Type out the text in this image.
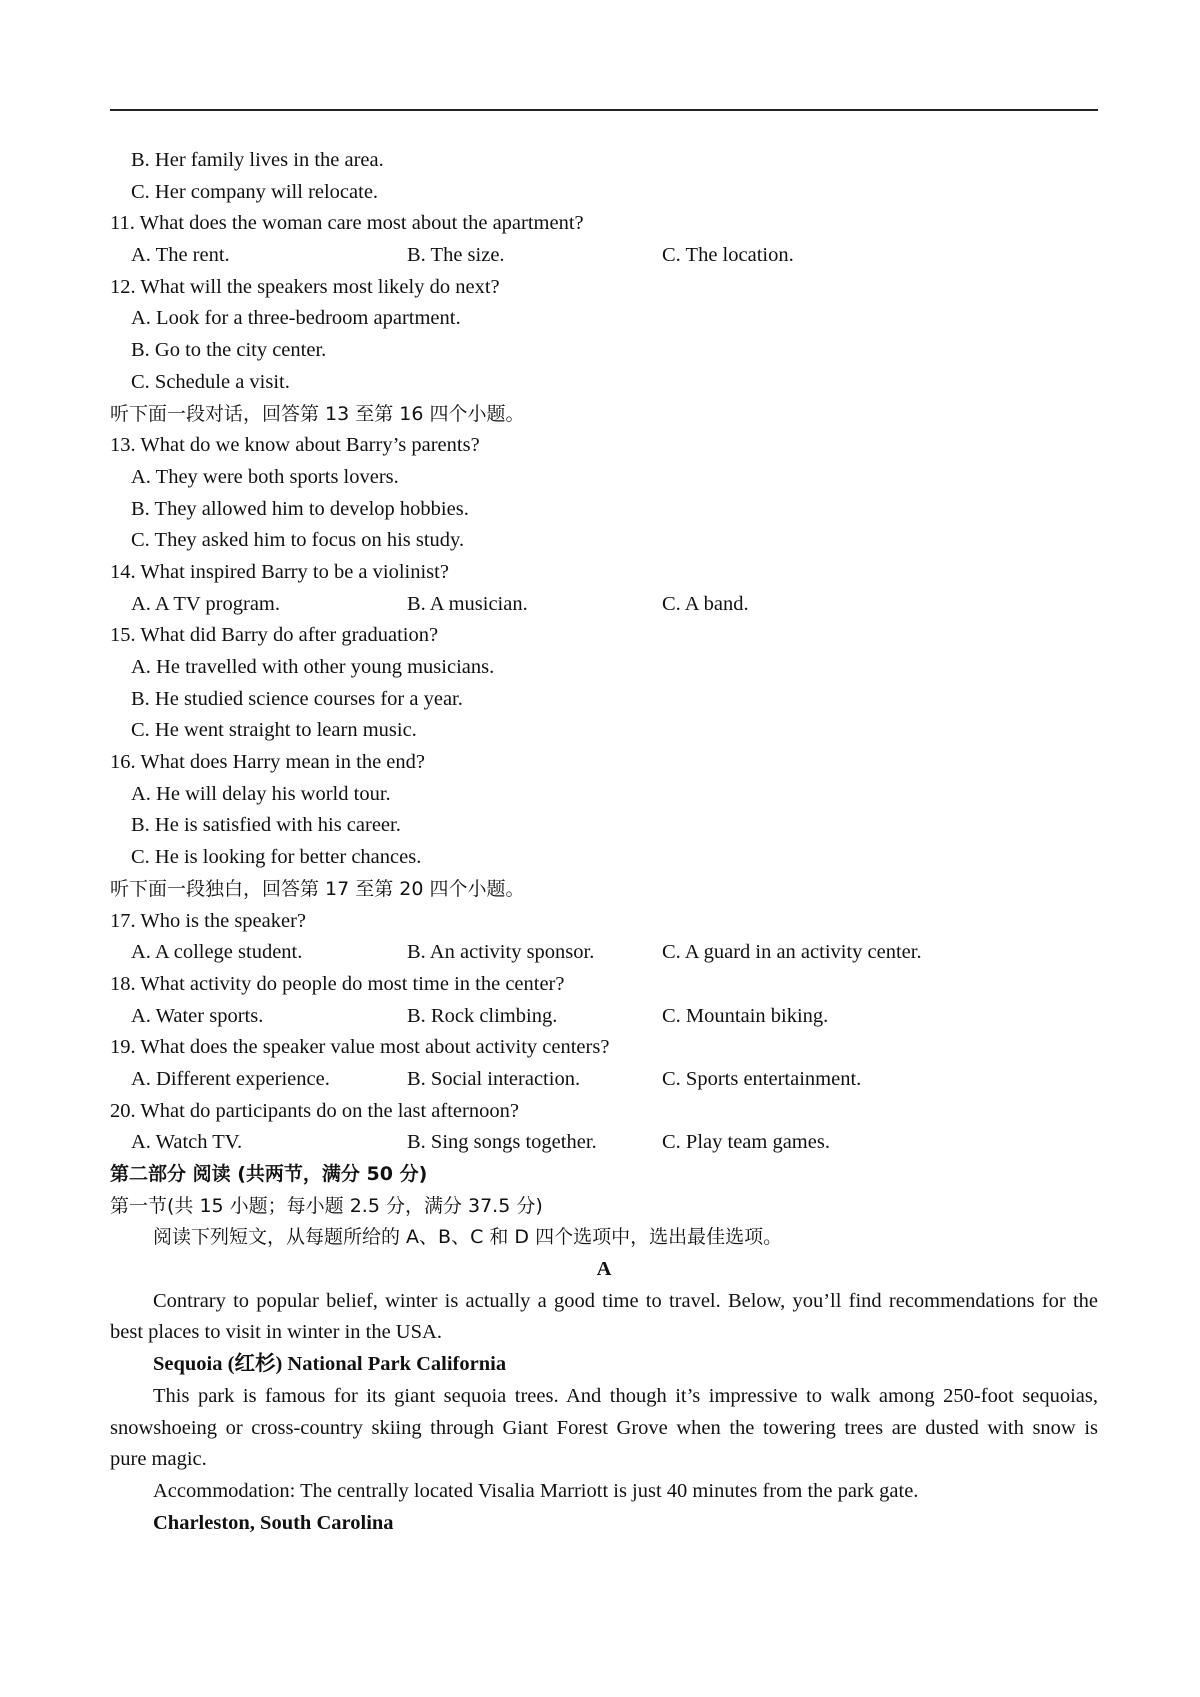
B. Her family lives in the area.
C. Her company will relocate.
11. What does the woman care most about the apartment?
A. The rent.	B. The size.	C. The location.
12. What will the speakers most likely do next?
A. Look for a three-bedroom apartment.
B. Go to the city center.
C. Schedule a visit.
听下面一段对话，回答第 13 至第 16 四个小题。
13. What do we know about Barry’s parents?
A. They were both sports lovers.
B. They allowed him to develop hobbies.
C. They asked him to focus on his study.
14. What inspired Barry to be a violinist?
A. A TV program.	B. A musician.	C. A band.
15. What did Barry do after graduation?
A. He travelled with other young musicians.
B. He studied science courses for a year.
C. He went straight to learn music.
16. What does Harry mean in the end?
A. He will delay his world tour.
B. He is satisfied with his career.
C. He is looking for better chances.
听下面一段独白，回答第 17 至第 20 四个小题。
17. Who is the speaker?
A. A college student.	B. An activity sponsor.	C. A guard in an activity center.
18. What activity do people do most time in the center?
A. Water sports.	B. Rock climbing.	C. Mountain biking.
19. What does the speaker value most about activity centers?
A. Different experience.	B. Social interaction.	C. Sports entertainment.
20. What do participants do on the last afternoon?
A. Watch TV.	B. Sing songs together.	C. Play team games.
第二部分 阅读 (共两节，满分 50 分)
第一节(共 15 小题；每小题 2.5 分，满分 37.5 分)
阅读下列短文，从每题所给的 A、B、C 和 D 四个选项中，选出最佳选项。
A
Contrary to popular belief, winter is actually a good time to travel. Below, you’ll find recommendations for the
best places to visit in winter in the USA.
Sequoia (红杉) National Park California
This park is famous for its giant sequoia trees. And though it’s impressive to walk among 250-foot sequoias,
snowshoeing or cross-country skiing through Giant Forest Grove when the towering trees are dusted with snow is
pure magic.
Accommodation: The centrally located Visalia Marriott is just 40 minutes from the park gate.
Charleston, South Carolina
